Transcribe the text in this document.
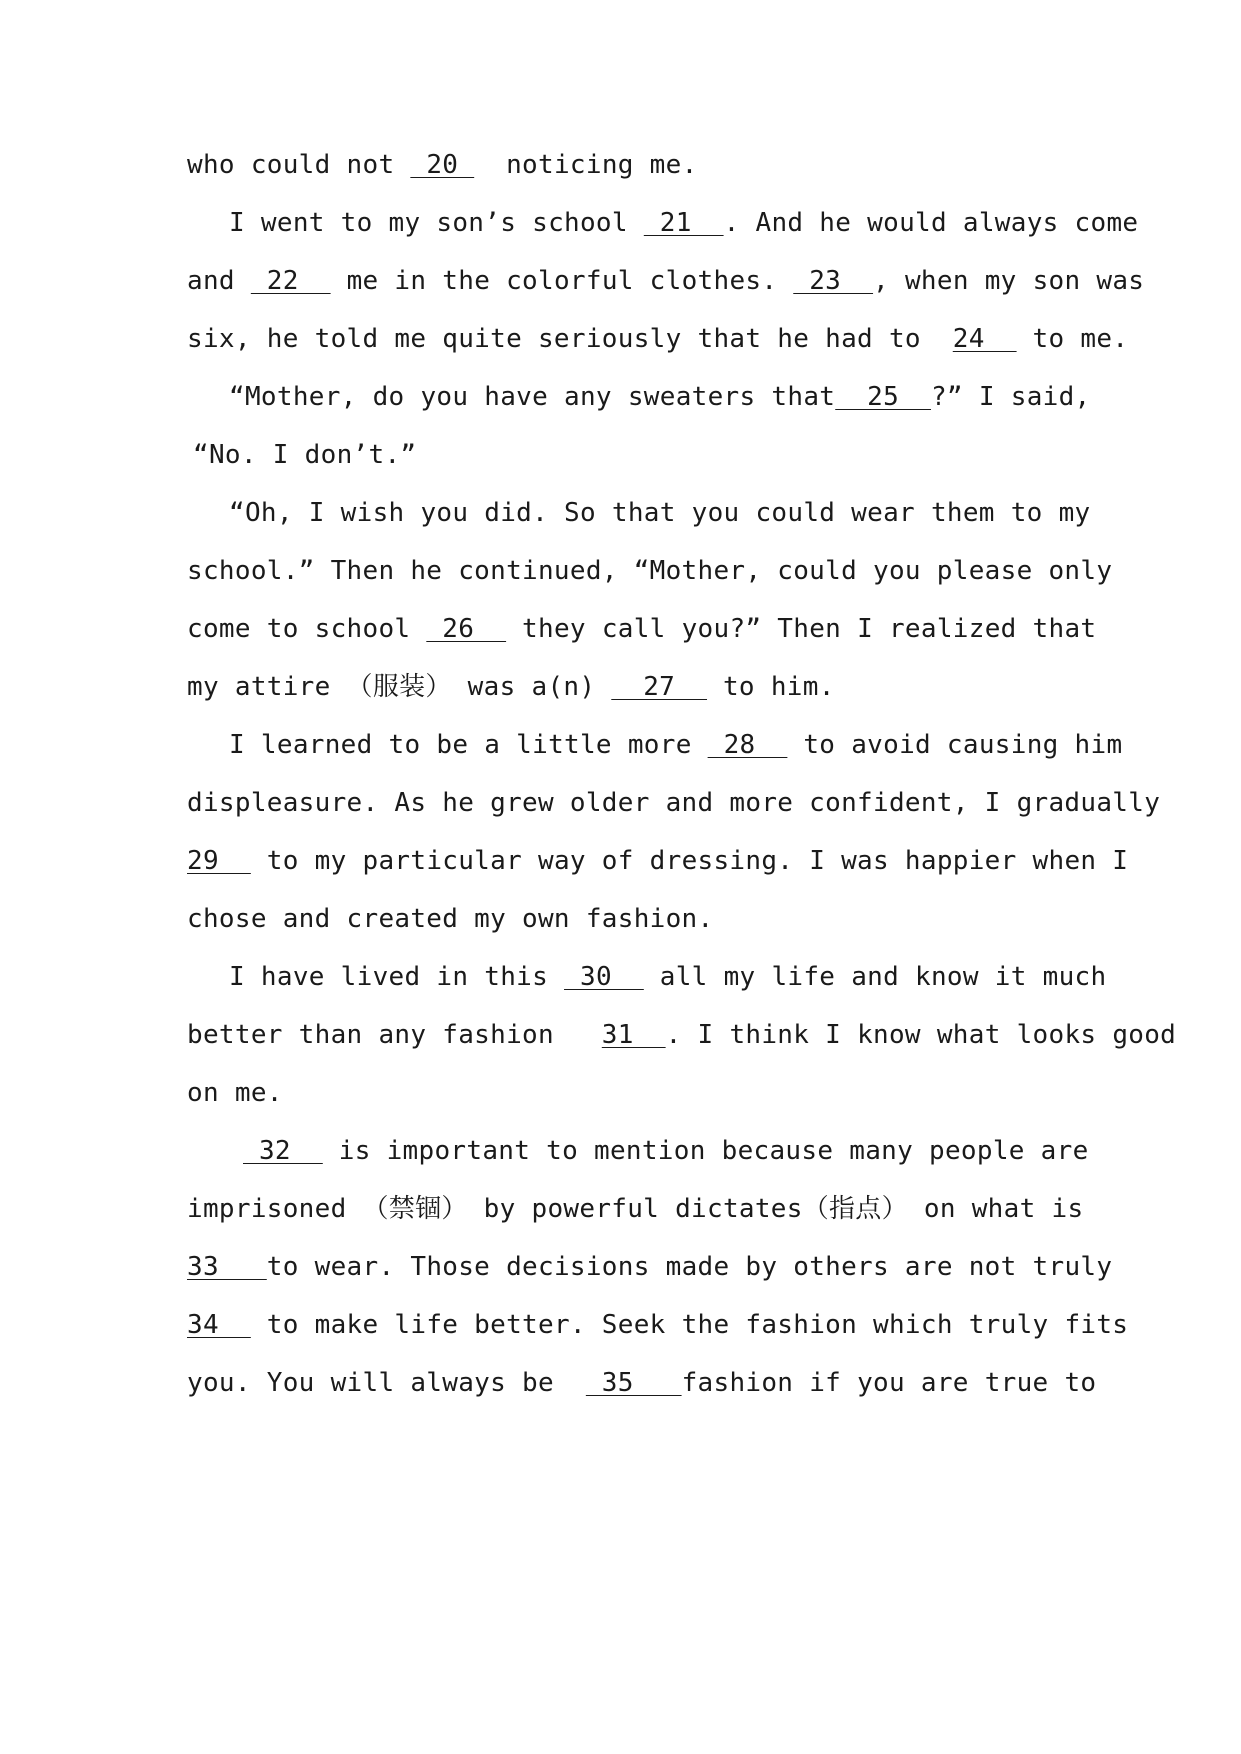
who could not  20   noticing me.
I went to my son’s school  21  . And he would always come
and  22   me in the colorful clothes.  23  , when my son was
six, he told me quite seriously that he had to  24   to me.
“Mother, do you have any sweaters that  25  ?” I said,
“No. I don’t.”
“Oh, I wish you did. So that you could wear them to my
school.” Then he continued, “Mother, could you please only
come to school  26   they call you?” Then I realized that
my attire （服装） was a(n)   27   to him.
I learned to be a little more  28   to avoid causing him
displeasure. As he grew older and more confident, I gradually
29   to my particular way of dressing. I was happier when I
chose and created my own fashion.
I have lived in this  30   all my life and know it much
better than any fashion   31  . I think I know what looks good
on me.
32   is important to mention because many people are
imprisoned （禁锢） by powerful dictates（指点） on what is
33   to wear. Those decisions made by others are not truly
34   to make life better. Seek the fashion which truly fits
you. You will always be   35   fashion if you are true to
